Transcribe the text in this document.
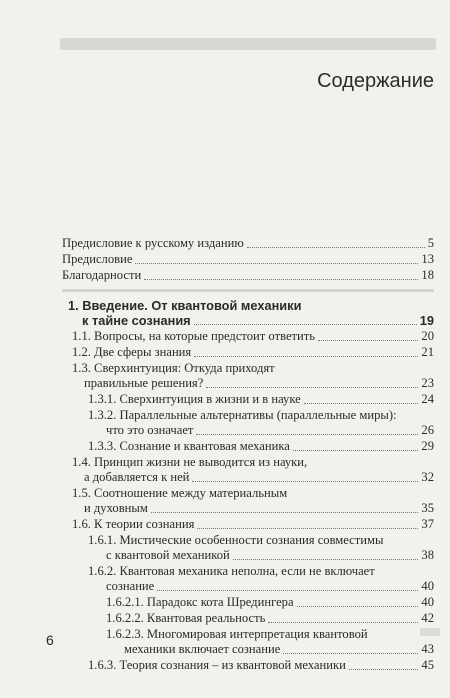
Содержание
Предисловие к русскому изданию	5
Предисловие	13
Благодарности	18
1. Введение. От квантовой механики
к тайне сознания	19
1.1. Вопросы, на которые предстоит ответить	20
1.2. Две сферы знания	21
1.3. Сверхинтуиция: Откуда приходят
правильные решения?	23
1.3.1. Сверхинтуиция в жизни и в науке	24
1.3.2. Параллельные альтернативы (параллельные миры):
что это означает	26
1.3.3. Сознание и квантовая механика	29
1.4. Принцип жизни не выводится из науки,
а добавляется к ней	32
1.5. Соотношение между материальным
и духовным	35
1.6. К теории сознания	37
1.6.1. Мистические особенности сознания совместимы
с квантовой механикой	38
1.6.2. Квантовая механика неполна, если не включает
сознание	40
1.6.2.1. Парадокс кота Шредингера	40
1.6.2.2. Квантовая реальность	42
1.6.2.3. Многомировая интерпретация квантовой
механики включает сознание	43
1.6.3. Теория сознания – из квантовой механики	45
6
